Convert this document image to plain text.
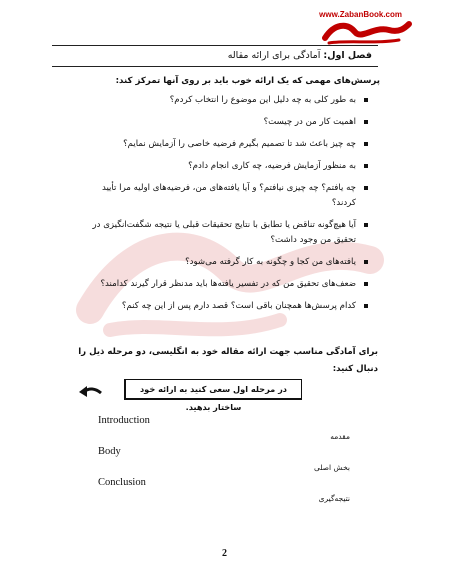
www.ZabanBook.com
فصل اول: آمادگی برای ارائه مقاله
پرسش‌های مهمی که یک ارائه خوب باید بر روی آنها تمرکز کند:
به طور کلی به چه دلیل این موضوع را انتخاب کردم؟
اهمیت کار من در چیست؟
چه چیز باعث شد تا تصمیم بگیرم فرضیه خاصی را آزمایش نمایم؟
به منظور آزمایش فرضیه، چه کاری انجام دادم؟
چه یافتم؟ چه چیزی نیافتم؟ و آیا یافته‌های من، فرضیه‌های اولیه مرا تأیید کردند؟
آیا هیچ‌گونه تناقض یا تطابق با نتایج تحقیقات قبلی یا نتیجه شگفت‌انگیزی در تحقیق من وجود داشت؟
یافته‌های من کجا و چگونه به کار گرفته می‌شود؟
ضعف‌های تحقیق من که در تفسیر یافته‌ها باید مدنظر قرار گیرند کدامند؟
کدام پرسش‌ها همچنان باقی است؟ قصد دارم پس از این چه کنم؟
برای آمادگی مناسب جهت ارائه مقاله خود به انگلیسی، دو مرحله ذیل را دنبال کنید:
در مرحله اول سعی کنید به ارائه خود ساختار بدهید.
Introduction
مقدمه
Body
بخش اصلی
Conclusion
نتیجه‌گیری
2
